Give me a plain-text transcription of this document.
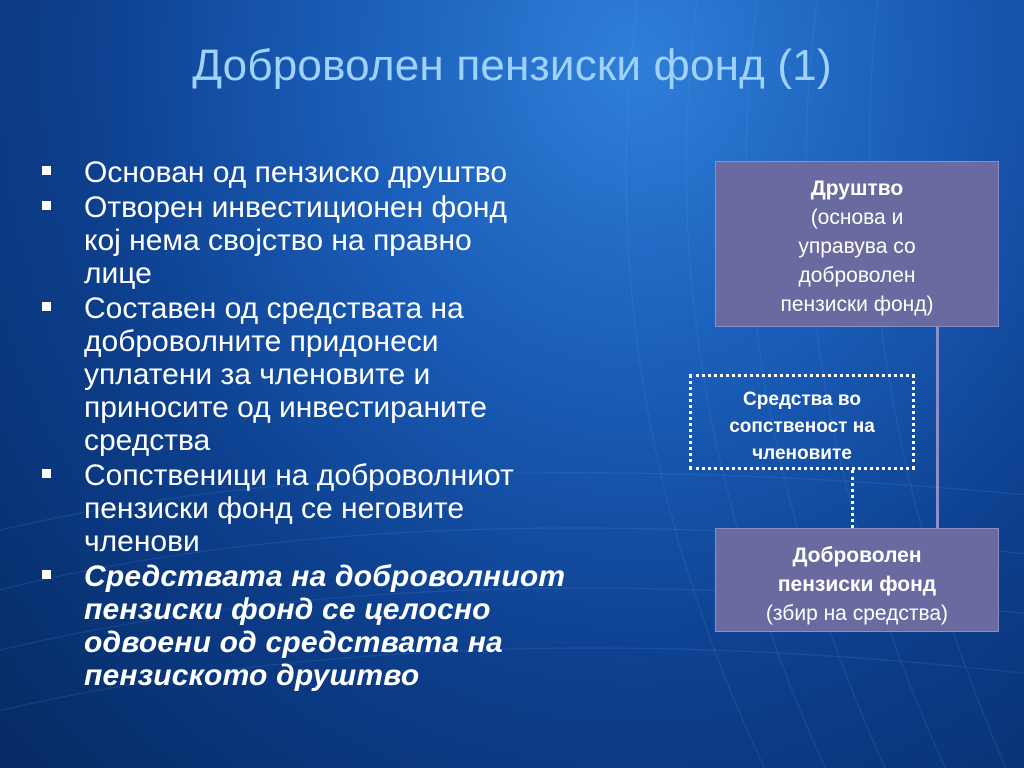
Доброволен пензиски фонд (1)
Основан од пензиско друштво
Отворен инвестиционен фонд
кој нема својство на правно
лице
Составен од средствата на
доброволните придонеси
уплатени за членовите и
приносите од инвестираните
средства
Сопственици на доброволниот
пензиски фонд се неговите
членови
Средствата на доброволниот
пензиски фонд се целосно
одвоени од средствата на
пензиското друштво
Друштво
(основа и
управува со
доброволен
пензиски фонд)
Средства во
сопственост на
членовите
Доброволен
пензиски фонд
(збир на средства)
